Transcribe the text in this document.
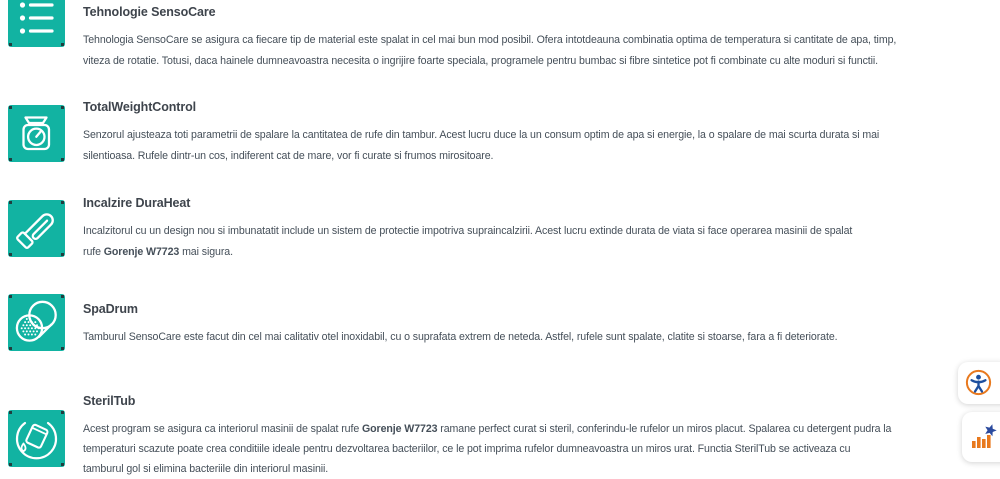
Tehnologie SensoCare
Tehnologia SensoCare se asigura ca fiecare tip de material este spalat in cel mai bun mod posibil. Ofera intotdeauna combinatia optima de temperatura si cantitate de apa, timp,
viteza de rotatie. Totusi, daca hainele dumneavoastra necesita o ingrijire foarte speciala, programele pentru bumbac si fibre sintetice pot fi combinate cu alte moduri si functii.
TotalWeightControl
Senzorul ajusteaza toti parametrii de spalare la cantitatea de rufe din tambur. Acest lucru duce la un consum optim de apa si energie, la o spalare de mai scurta durata si mai
silentioasa. Rufele dintr-un cos, indiferent cat de mare, vor fi curate si frumos mirositoare.
Incalzire DuraHeat
Incalzitorul cu un design nou si imbunatatit include un sistem de protectie impotriva supraincalzirii. Acest lucru extinde durata de viata si face operarea masinii de spalat
rufe Gorenje W7723 mai sigura.
SpaDrum
Tamburul SensoCare este facut din cel mai calitativ otel inoxidabil, cu o suprafata extrem de neteda. Astfel, rufele sunt spalate, clatite si stoarse, fara a fi deteriorate.
SterilTub
Acest program se asigura ca interiorul masinii de spalat rufe Gorenje W7723 ramane perfect curat si steril, conferindu-le rufelor un miros placut. Spalarea cu detergent pudra la
temperaturi scazute poate crea conditiile ideale pentru dezvoltarea bacteriilor, ce le pot imprima rufelor dumneavoastra un miros urat. Functia SterilTub se activeaza cu
tamburul gol si elimina bacteriile din interiorul masinii.
